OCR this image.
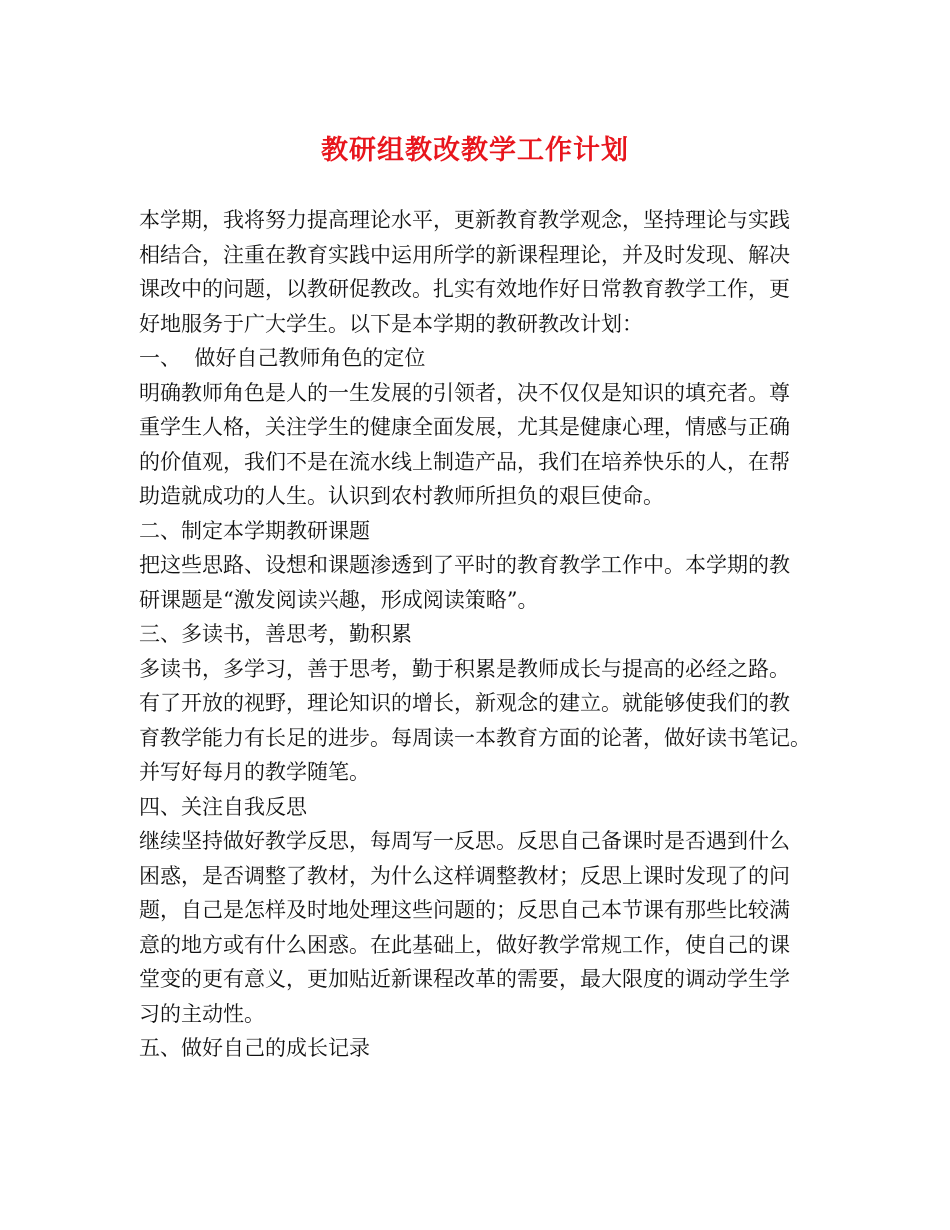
教研组教改教学工作计划
本学期，我将努力提高理论水平，更新教育教学观念，坚持理论与实践
相结合，注重在教育实践中运用所学的新课程理论，并及时发现、解决
课改中的问题，以教研促教改。扎实有效地作好日常教育教学工作，更
好地服务于广大学生。以下是本学期的教研教改计划：
一、  做好自己教师角色的定位
明确教师角色是人的一生发展的引领者，决不仅仅是知识的填充者。尊
重学生人格，关注学生的健康全面发展，尤其是健康心理，情感与正确
的价值观，我们不是在流水线上制造产品，我们在培养快乐的人，在帮
助造就成功的人生。认识到农村教师所担负的艰巨使命。
二、制定本学期教研课题
把这些思路、设想和课题渗透到了平时的教育教学工作中。本学期的教
研课题是“激发阅读兴趣，形成阅读策略”。
三、多读书，善思考，勤积累
多读书，多学习，善于思考，勤于积累是教师成长与提高的必经之路。
有了开放的视野，理论知识的增长，新观念的建立。就能够使我们的教
育教学能力有长足的进步。每周读一本教育方面的论著，做好读书笔记。
并写好每月的教学随笔。
四、关注自我反思
继续坚持做好教学反思，每周写一反思。反思自己备课时是否遇到什么
困惑，是否调整了教材，为什么这样调整教材；反思上课时发现了的问
题，自己是怎样及时地处理这些问题的；反思自己本节课有那些比较满
意的地方或有什么困惑。在此基础上，做好教学常规工作，使自己的课
堂变的更有意义，更加贴近新课程改革的需要，最大限度的调动学生学
习的主动性。
五、做好自己的成长记录
